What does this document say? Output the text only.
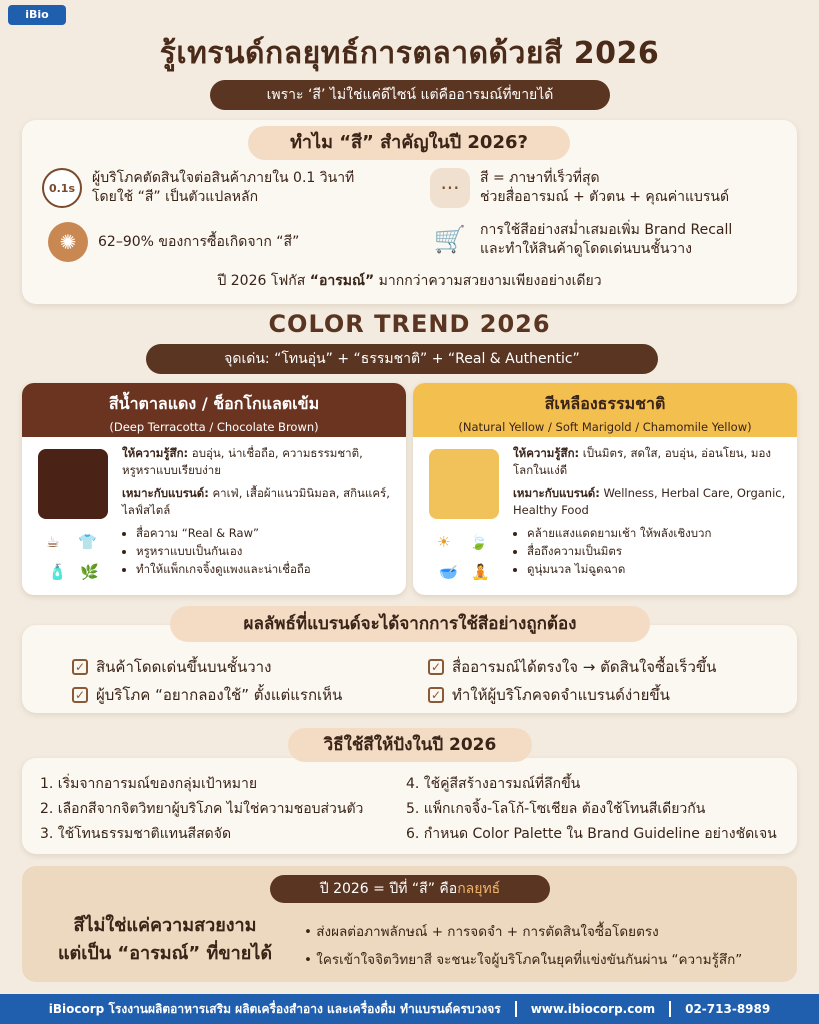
iBio
รู้เทรนด์กลยุทธ์การตลาดด้วยสี 2026
เพราะ ‘สี’ ไม่ใช่แค่ดีไซน์ แต่คืออารมณ์ที่ขายได้
ทำไม “สี” สำคัญในปี 2026?
0.1s
ผู้บริโภคตัดสินใจต่อสินค้าภายใน 0.1 วินาที
โดยใช้ “สี” เป็นตัวแปลหลัก
✺	62–90% ของการซื้อเกิดจาก “สี”
···	สี = ภาษาที่เร็วที่สุด
ช่วยสื่ออารมณ์ + ตัวตน + คุณค่าแบรนด์
🛒 การใช้สีอย่างสม่ำเสมอเพิ่ม Brand Recall
และทำให้สินค้าดูโดดเด่นบนชั้นวาง
ปี 2026 โฟกัส “อารมณ์” มากกว่าความสวยงามเพียงอย่างเดียว
COLOR TREND 2026
จุดเด่น: “โทนอุ่น” + “ธรรมชาติ” + “Real & Authentic”
สีน้ำตาลแดง / ช็อกโกแลตเข้ม
(Deep Terracotta / Chocolate Brown)
☕ 👕
🧴 🌿

ให้ความรู้สึก: อบอุ่น, น่าเชื่อถือ, ความธรรมชาติ, หรูหราแบบเรียบง่าย

เหมาะกับแบรนด์: คาเฟ่, เสื้อผ้าแนวมินิมอล, สกินแคร์, ไลฟ์สไตล์

• สื่อความ “Real & Raw”
• หรูหราแบบเป็นกันเอง
• ทำให้แพ็กเกจจิ้งดูแพงและน่าเชื่อถือ
สีเหลืองธรรมชาติ
(Natural Yellow / Soft Marigold / Chamomile Yellow)
☀ 🍃
🥣 🧘

ให้ความรู้สึก: เป็นมิตร, สดใส, อบอุ่น, อ่อนโยน, มองโลกในแง่ดี

เหมาะกับแบรนด์: Wellness, Herbal Care, Organic, Healthy Food

• คล้ายแสงแดดยามเช้า ให้พลังเชิงบวก
• สื่อถึงความเป็นมิตร
• ดูนุ่มนวล ไม่ฉูดฉาด
ผลลัพธ์ที่แบรนด์จะได้จากการใช้สีอย่างถูกต้อง
✓ สินค้าโดดเด่นขึ้นบนชั้นวาง
✓ ผู้บริโภค “อยากลองใช้” ตั้งแต่แรกเห็น
✓ สื่ออารมณ์ได้ตรงใจ → ตัดสินใจซื้อเร็วขึ้น
✓ ทำให้ผู้บริโภคจดจำแบรนด์ง่ายขึ้น
วิธีใช้สีให้ปังในปี 2026
1. เริ่มจากอารมณ์ของกลุ่มเป้าหมาย
2. เลือกสีจากจิตวิทยาผู้บริโภค ไม่ใช่ความชอบส่วนตัว
3. ใช้โทนธรรมชาติแทนสีสดจัด
4. ใช้คู่สีสร้างอารมณ์ที่ลึกขึ้น
5. แพ็กเกจจิ้ง-โลโก้-โซเชียล ต้องใช้โทนสีเดียวกัน
6. กำหนด Color Palette ใน Brand Guideline อย่างชัดเจน
ปี 2026 = ปีที่ “สี” คือกลยุทธ์
สีไม่ใช่แค่ความสวยงาม
แต่เป็น “อารมณ์” ที่ขายได้
• ส่งผลต่อภาพลักษณ์ + การจดจำ + การตัดสินใจซื้อโดยตรง
• ใครเข้าใจจิตวิทยาสี จะชนะใจผู้บริโภคในยุคที่แข่งขันกันผ่าน “ความรู้สึก”
iBiocorp โรงงานผลิตอาหารเสริม ผลิตเครื่องสำอาง และเครื่องดื่ม ทำแบรนด์ครบวงจร	www.ibiocorp.com	02-713-8989
